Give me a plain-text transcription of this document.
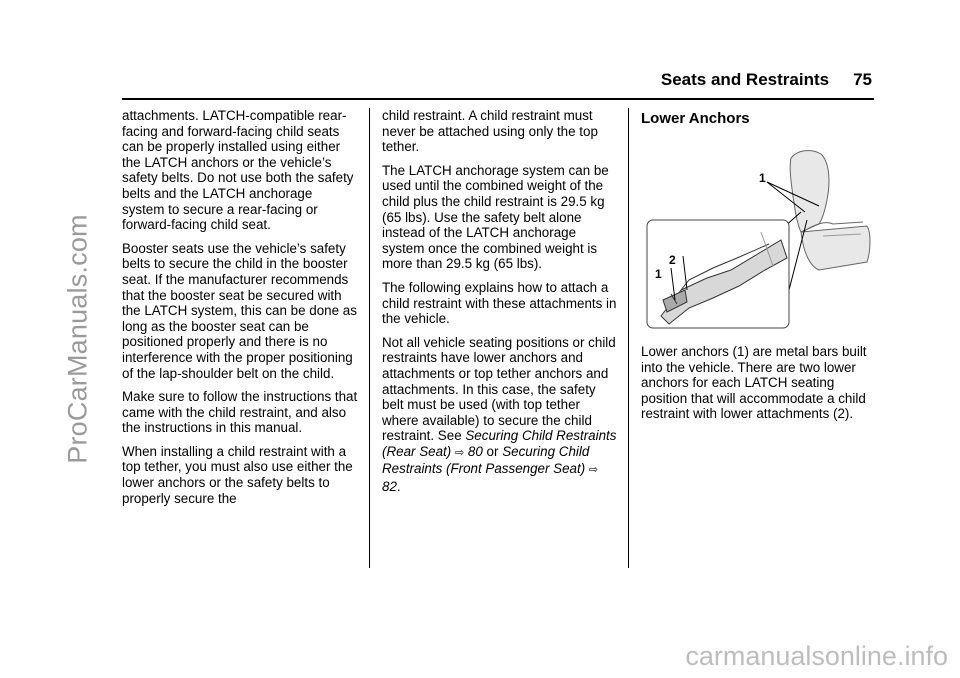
ProCarManuals.com
carmanualsonline.info
Seats and Restraints 75

attachments. LATCH-compatible rear-facing and forward-facing child seats can be properly installed using either the LATCH anchors or the vehicle’s safety belts. Do not use both the safety belts and the LATCH anchorage system to secure a rear-facing or forward-facing child seat.

Booster seats use the vehicle’s safety belts to secure the child in the booster seat. If the manufacturer recommends that the booster seat be secured with the LATCH system, this can be done as long as the booster seat can be positioned properly and there is no interference with the proper positioning of the lap-shoulder belt on the child.

Make sure to follow the instructions that came with the child restraint, and also the instructions in this manual.

When installing a child restraint with a top tether, you must also use either the lower anchors or the safety belts to properly secure the

child restraint. A child restraint must never be attached using only the top tether.

The LATCH anchorage system can be used until the combined weight of the child plus the child restraint is 29.5 kg (65 lbs). Use the safety belt alone instead of the LATCH anchorage system once the combined weight is more than 29.5 kg (65 lbs).

The following explains how to attach a child restraint with these attachments in the vehicle.

Not all vehicle seating positions or child restraints have lower anchors and attachments or top tether anchors and attachments. In this case, the safety belt must be used (with top tether where available) to secure the child restraint. See Securing Child Restraints (Rear Seat) ⇨ 80 or Securing Child Restraints (Front Passenger Seat) ⇨ 82.

Lower Anchors

Lower anchors (1) are metal bars built into the vehicle. There are two lower anchors for each LATCH seating position that will accommodate a child restraint with lower attachments (2).

1
2
1
